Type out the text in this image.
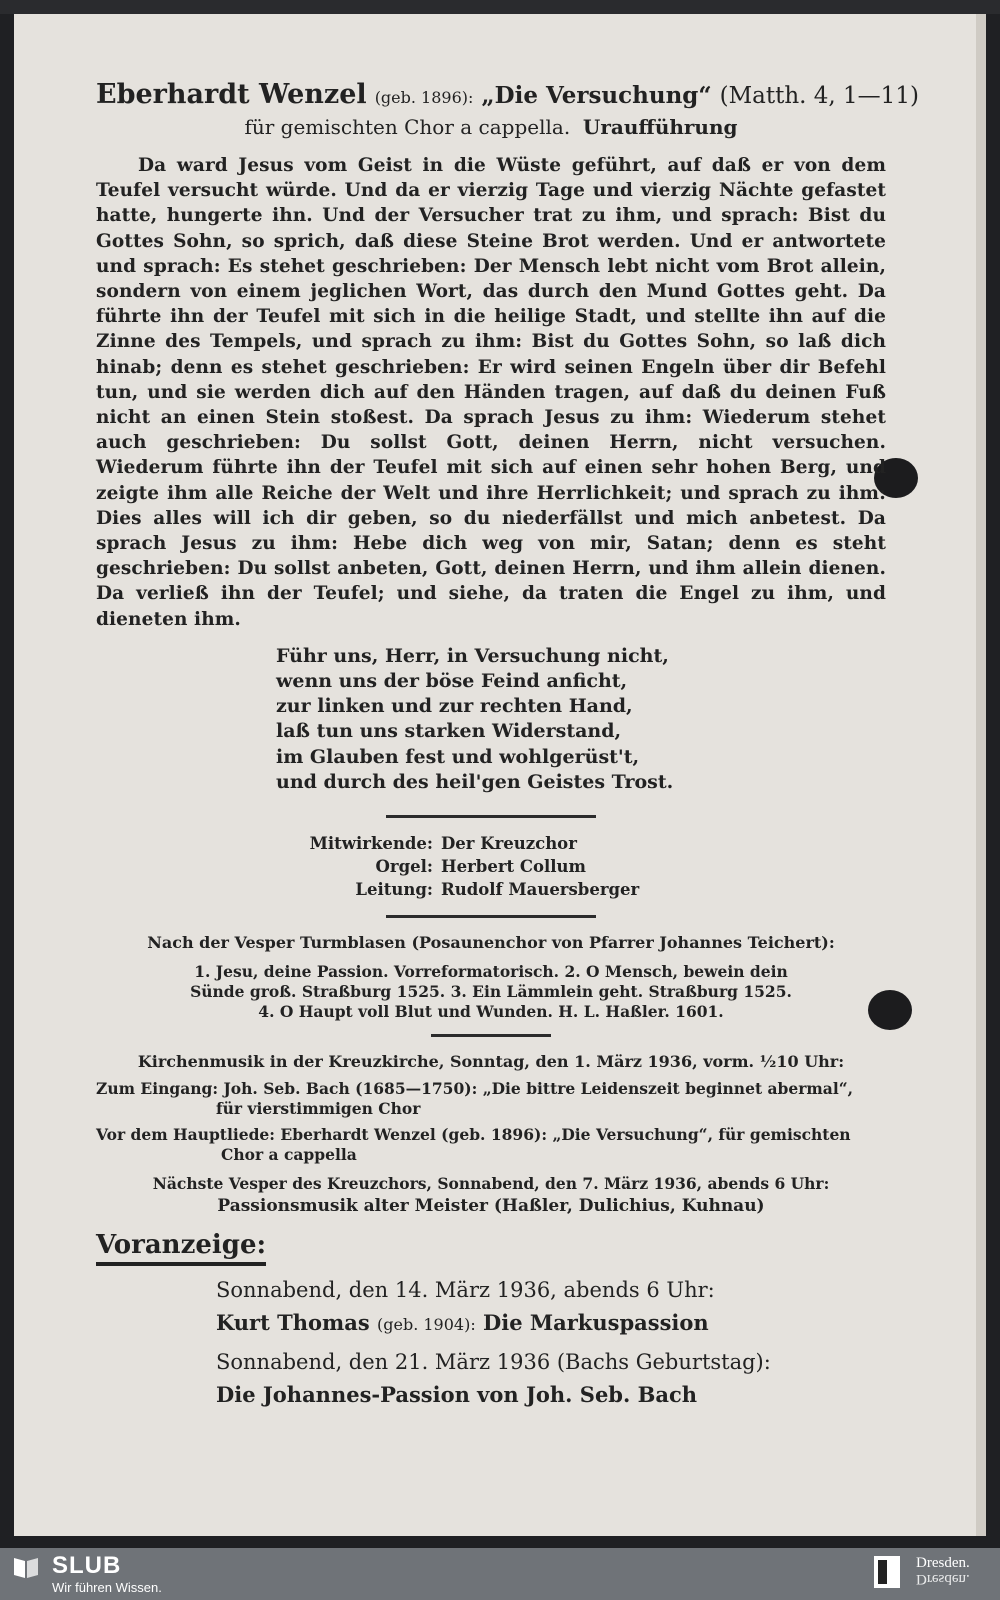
Eberhardt Wenzel (geb. 1896): „Die Versuchung“ (Matth. 4, 1—11)
für gemischten Chor a cappella. Uraufführung

Da ward Jesus vom Geist in die Wüste geführt, auf daß er von dem Teufel versucht würde. Und da er vierzig Tage und vierzig Nächte gefastet hatte, hungerte ihn. Und der Versucher trat zu ihm, und sprach: Bist du Gottes Sohn, so sprich, daß diese Steine Brot werden. Und er antwortete und sprach: Es stehet geschrieben: Der Mensch lebt nicht vom Brot allein, sondern von einem jeglichen Wort, das durch den Mund Gottes geht. Da führte ihn der Teufel mit sich in die heilige Stadt, und stellte ihn auf die Zinne des Tempels, und sprach zu ihm: Bist du Gottes Sohn, so laß dich hinab; denn es stehet geschrieben: Er wird seinen Engeln über dir Befehl tun, und sie werden dich auf den Händen tragen, auf daß du deinen Fuß nicht an einen Stein stoßest. Da sprach Jesus zu ihm: Wiederum stehet auch geschrieben: Du sollst Gott, deinen Herrn, nicht versuchen. Wiederum führte ihn der Teufel mit sich auf einen sehr hohen Berg, und zeigte ihm alle Reiche der Welt und ihre Herrlichkeit; und sprach zu ihm: Dies alles will ich dir geben, so du niederfällst und mich anbetest. Da sprach Jesus zu ihm: Hebe dich weg von mir, Satan; denn es steht geschrieben: Du sollst anbeten, Gott, deinen Herrn, und ihm allein dienen. Da verließ ihn der Teufel; und siehe, da traten die Engel zu ihm, und dieneten ihm.

Führ uns, Herr, in Versuchung nicht,
wenn uns der böse Feind anficht,
zur linken und zur rechten Hand,
laß tun uns starken Widerstand,
im Glauben fest und wohlgerüst't,
und durch des heil'gen Geistes Trost.
Mitwirkende: Der Kreuzchor
Orgel: Herbert Collum
Leitung: Rudolf Mauersberger
Nach der Vesper Turmblasen (Posaunenchor von Pfarrer Johannes Teichert):
1. Jesu, deine Passion. Vorreformatorisch. 2. O Mensch, bewein dein
Sünde groß. Straßburg 1525. 3. Ein Lämmlein geht. Straßburg 1525.
4. O Haupt voll Blut und Wunden. H. L. Haßler. 1601.
Kirchenmusik in der Kreuzkirche, Sonntag, den 1. März 1936, vorm. ½10 Uhr:
Zum Eingang: Joh. Seb. Bach (1685—1750): „Die bittre Leidenszeit beginnet abermal“,
für vierstimmigen Chor
Vor dem Hauptliede: Eberhardt Wenzel (geb. 1896): „Die Versuchung“, für gemischten
Chor a cappella
Nächste Vesper des Kreuzchors, Sonnabend, den 7. März 1936, abends 6 Uhr:
Passionsmusik alter Meister (Haßler, Dulichius, Kuhnau)
Voranzeige:
Sonnabend, den 14. März 1936, abends 6 Uhr:
Kurt Thomas (geb. 1904): Die Markuspassion
Sonnabend, den 21. März 1936 (Bachs Geburtstag):
Die Johannes-Passion von Joh. Seb. Bach
SLUB
Wir führen Wissen.
Dresden.
Dresden.
